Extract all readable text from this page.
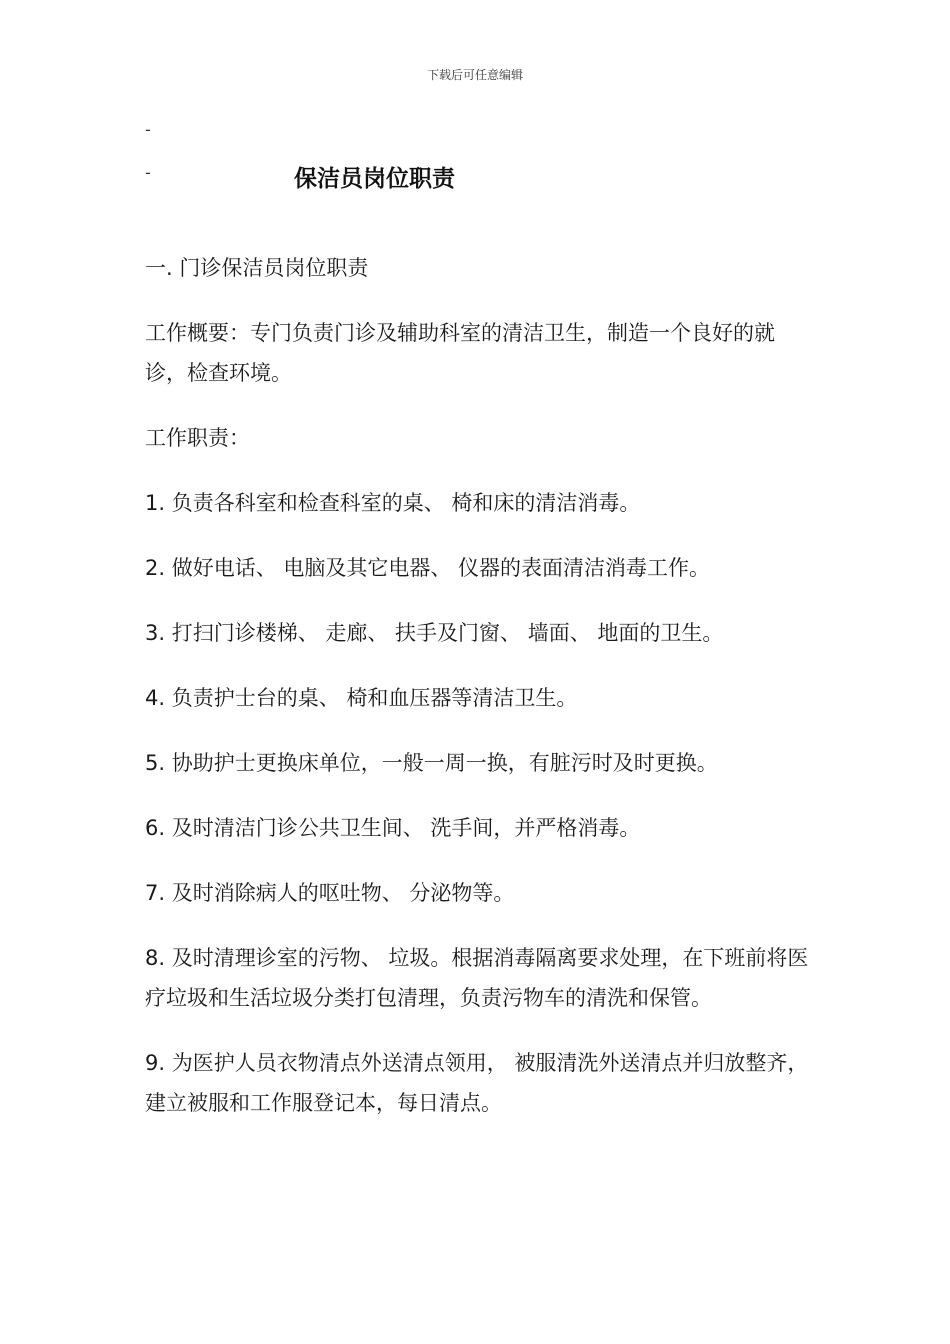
下载后可任意编辑
-
-	保洁员岗位职责

一. 门诊保洁员岗位职责

工作概要：专门负责门诊及辅助科室的清洁卫生，制造一个良好的就诊，检查环境。

工作职责：

1. 负责各科室和检查科室的桌、 椅和床的清洁消毒。

2. 做好电话、 电脑及其它电器、 仪器的表面清洁消毒工作。

3. 打扫门诊楼梯、 走廊、 扶手及门窗、 墙面、 地面的卫生。

4. 负责护士台的桌、 椅和血压器等清洁卫生。

5. 协助护士更换床单位，一般一周一换，有脏污时及时更换。

6. 及时清洁门诊公共卫生间、 洗手间，并严格消毒。

7. 及时消除病人的呕吐物、 分泌物等。

8. 及时清理诊室的污物、 垃圾。根据消毒隔离要求处理，在下班前将医疗垃圾和生活垃圾分类打包清理，负责污物车的清洗和保管。

9. 为医护人员衣物清点外送清点领用， 被服清洗外送清点并归放整齐，建立被服和工作服登记本，每日清点。
